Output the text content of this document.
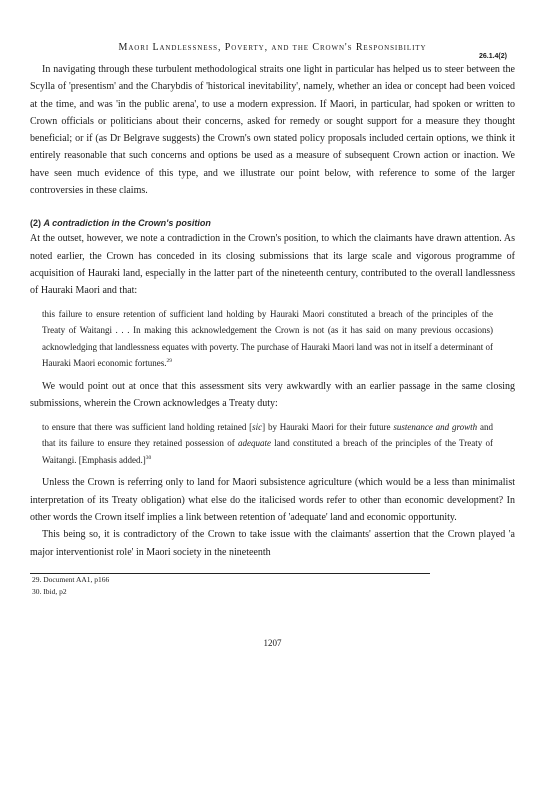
Maori Landlessness, Poverty, and the Crown's Responsibility
26.1.4(2)

In navigating through these turbulent methodological straits one light in particular has helped us to steer between the Scylla of 'presentism' and the Charybdis of 'historical inevitability', namely, whether an idea or concept had been voiced at the time, and was 'in the public arena', to use a modern expression. If Maori, in particular, had spoken or written to Crown officials or politicians about their concerns, asked for remedy or sought support for a measure they thought beneficial; or if (as Dr Belgrave suggests) the Crown's own stated policy proposals included certain options, we think it entirely reasonable that such concerns and options be used as a measure of subsequent Crown action or inaction. We have seen much evidence of this type, and we illustrate our point below, with reference to some of the larger controversies in these claims.

(2) A contradiction in the Crown's position

At the outset, however, we note a contradiction in the Crown's position, to which the claimants have drawn attention. As noted earlier, the Crown has conceded in its closing submissions that its large scale and vigorous programme of acquisition of Hauraki land, especially in the latter part of the nineteenth century, contributed to the overall landlessness of Hauraki Maori and that:

this failure to ensure retention of sufficient land holding by Hauraki Maori constituted a breach of the principles of the Treaty of Waitangi . . . In making this acknowledgement the Crown is not (as it has said on many previous occasions) acknowledging that landlessness equates with poverty. The purchase of Hauraki Maori land was not in itself a determinant of Hauraki Maori economic fortunes.$^{29}$

We would point out at once that this assessment sits very awkwardly with an earlier passage in the same closing submissions, wherein the Crown acknowledges a Treaty duty:

to ensure that there was sufficient land holding retained [sic] by Hauraki Maori for their future sustenance and growth and that its failure to ensure they retained possession of adequate land constituted a breach of the principles of the Treaty of Waitangi. [Emphasis added.]$^{30}$

Unless the Crown is referring only to land for Maori subsistence agriculture (which would be a less than minimalist interpretation of its Treaty obligation) what else do the italicised words refer to other than economic development? In other words the Crown itself implies a link between retention of 'adequate' land and economic opportunity.

This being so, it is contradictory of the Crown to take issue with the claimants' assertion that the Crown played 'a major interventionist role' in Maori society in the nineteenth

29. Document AA1, p166

30. Ibid, p2

1207
